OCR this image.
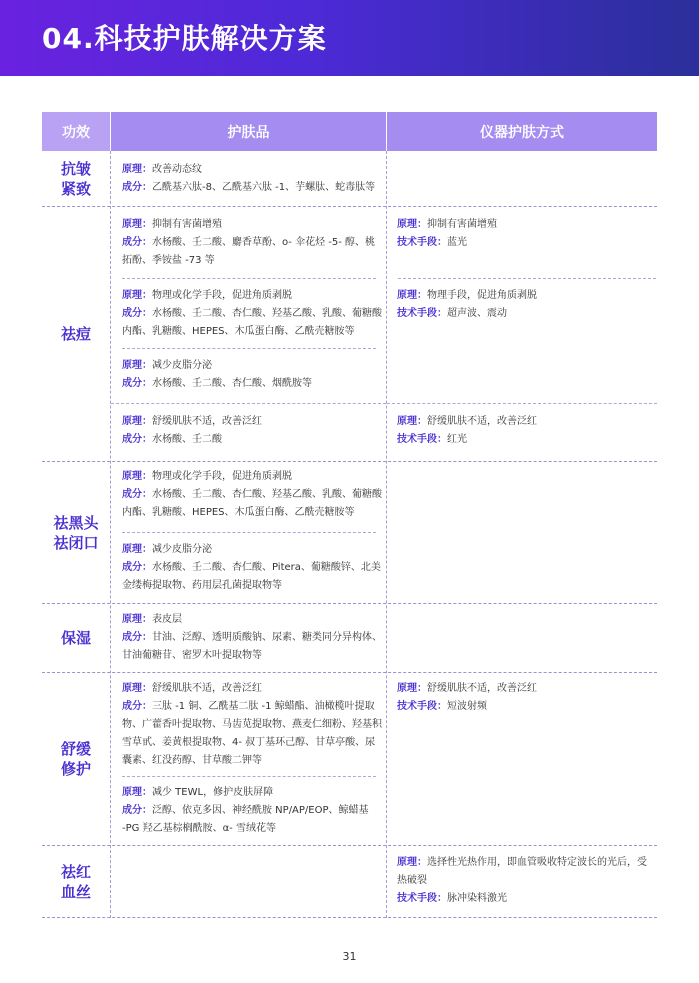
04.科技护肤解决方案
功效	护肤品	仪器护肤方式
抗皱
紧致
原理：改善动态纹
成分：乙酰基六肽-8、乙酰基六肽 -1、芋螺肽、蛇毒肽等
祛痘
原理：抑制有害菌增殖
成分：水杨酸、壬二酸、麝香草酚、o- 伞花烃 -5- 醇、桃
拓酚、季铵盐 -73 等
原理：物理或化学手段，促进角质剥脱
成分：水杨酸、壬二酸、杏仁酸、羟基乙酸、乳酸、葡糖酸
内酯、乳糖酸、HEPES、木瓜蛋白酶、乙酰壳糖胺等
原理：减少皮脂分泌
成分：水杨酸、壬二酸、杏仁酸、烟酰胺等
原理：舒缓肌肤不适，改善泛红
成分：水杨酸、壬二酸
原理：抑制有害菌增殖
技术手段：蓝光
原理：物理手段，促进角质剥脱
技术手段：超声波、震动
原理：舒缓肌肤不适，改善泛红
技术手段：红光
祛黑头
祛闭口
原理：物理或化学手段，促进角质剥脱
成分：水杨酸、壬二酸、杏仁酸、羟基乙酸、乳酸、葡糖酸
内酯、乳糖酸、HEPES、木瓜蛋白酶、乙酰壳糖胺等
原理：减少皮脂分泌
成分：水杨酸、壬二酸、杏仁酸、Pitera、葡糖酸锌、北美
金缕梅提取物、药用层孔菌提取物等
保湿
原理：表皮层
成分：甘油、泛醇、透明质酸钠、尿素、糖类同分异构体、
甘油葡糖苷、密罗木叶提取物等
舒缓
修护
原理：舒缓肌肤不适，改善泛红
成分：三肽 -1 铜、乙酰基二肽 -1 鲸蜡酯、油橄榄叶提取
物、广藿香叶提取物、马齿苋提取物、燕麦仁细粉、羟基积
雪草甙、姜黄根提取物、4- 叔丁基环己醇、甘草亭酸、尿
囊素、红没药醇、甘草酸二钾等
原理：减少 TEWL，修护皮肤屏障
成分：泛醇、依克多因、神经酰胺 NP/AP/EOP、鲸蜡基
-PG 羟乙基棕榈酰胺、α- 雪绒花等
原理：舒缓肌肤不适，改善泛红
技术手段：短波射频
祛红
血丝
原理：选择性光热作用，即血管吸收特定波长的光后，受
热破裂
技术手段：脉冲染料激光
31
